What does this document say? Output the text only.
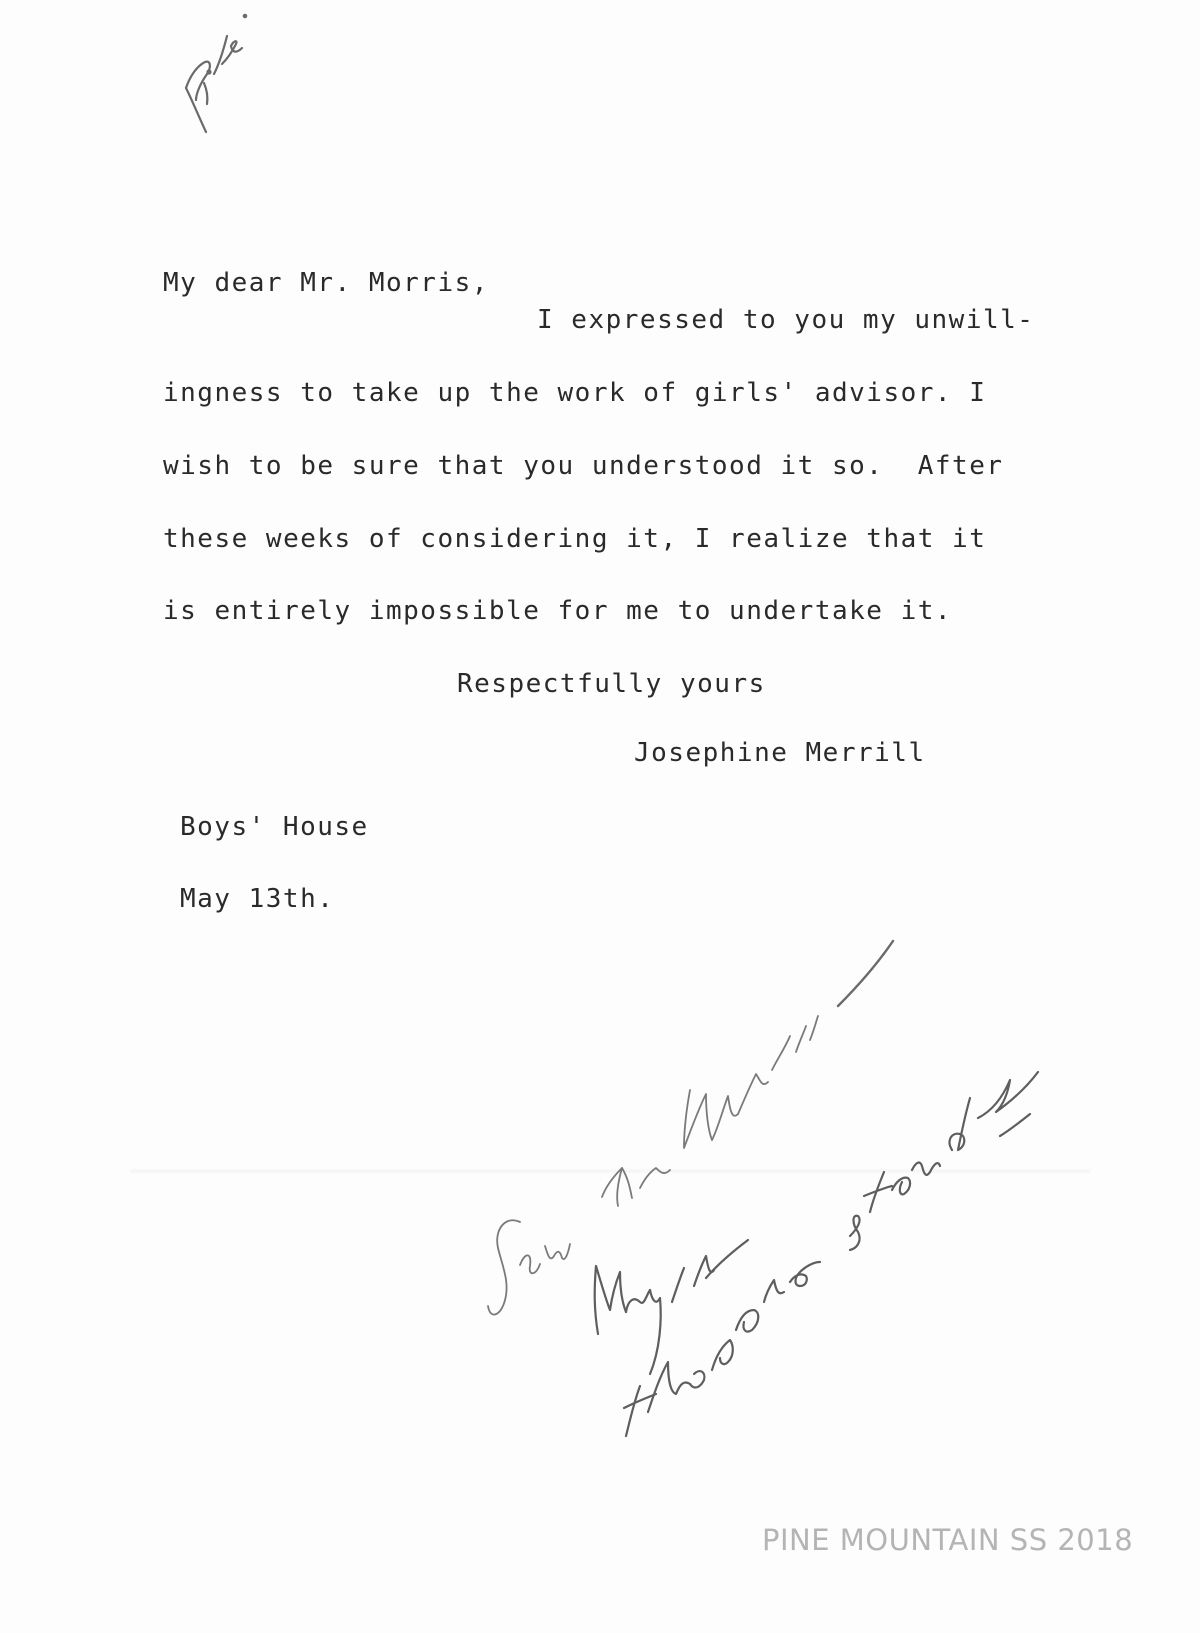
My dear Mr. Morris,
I expressed to you my unwill-
ingness to take up the work of girls' advisor. I
wish to be sure that you understood it so.  After
these weeks of considering it, I realize that it
is entirely impossible for me to undertake it.
Respectfully yours
Josephine Merrill
Boys' House
May 13th.
PINE MOUNTAIN SS 2018
